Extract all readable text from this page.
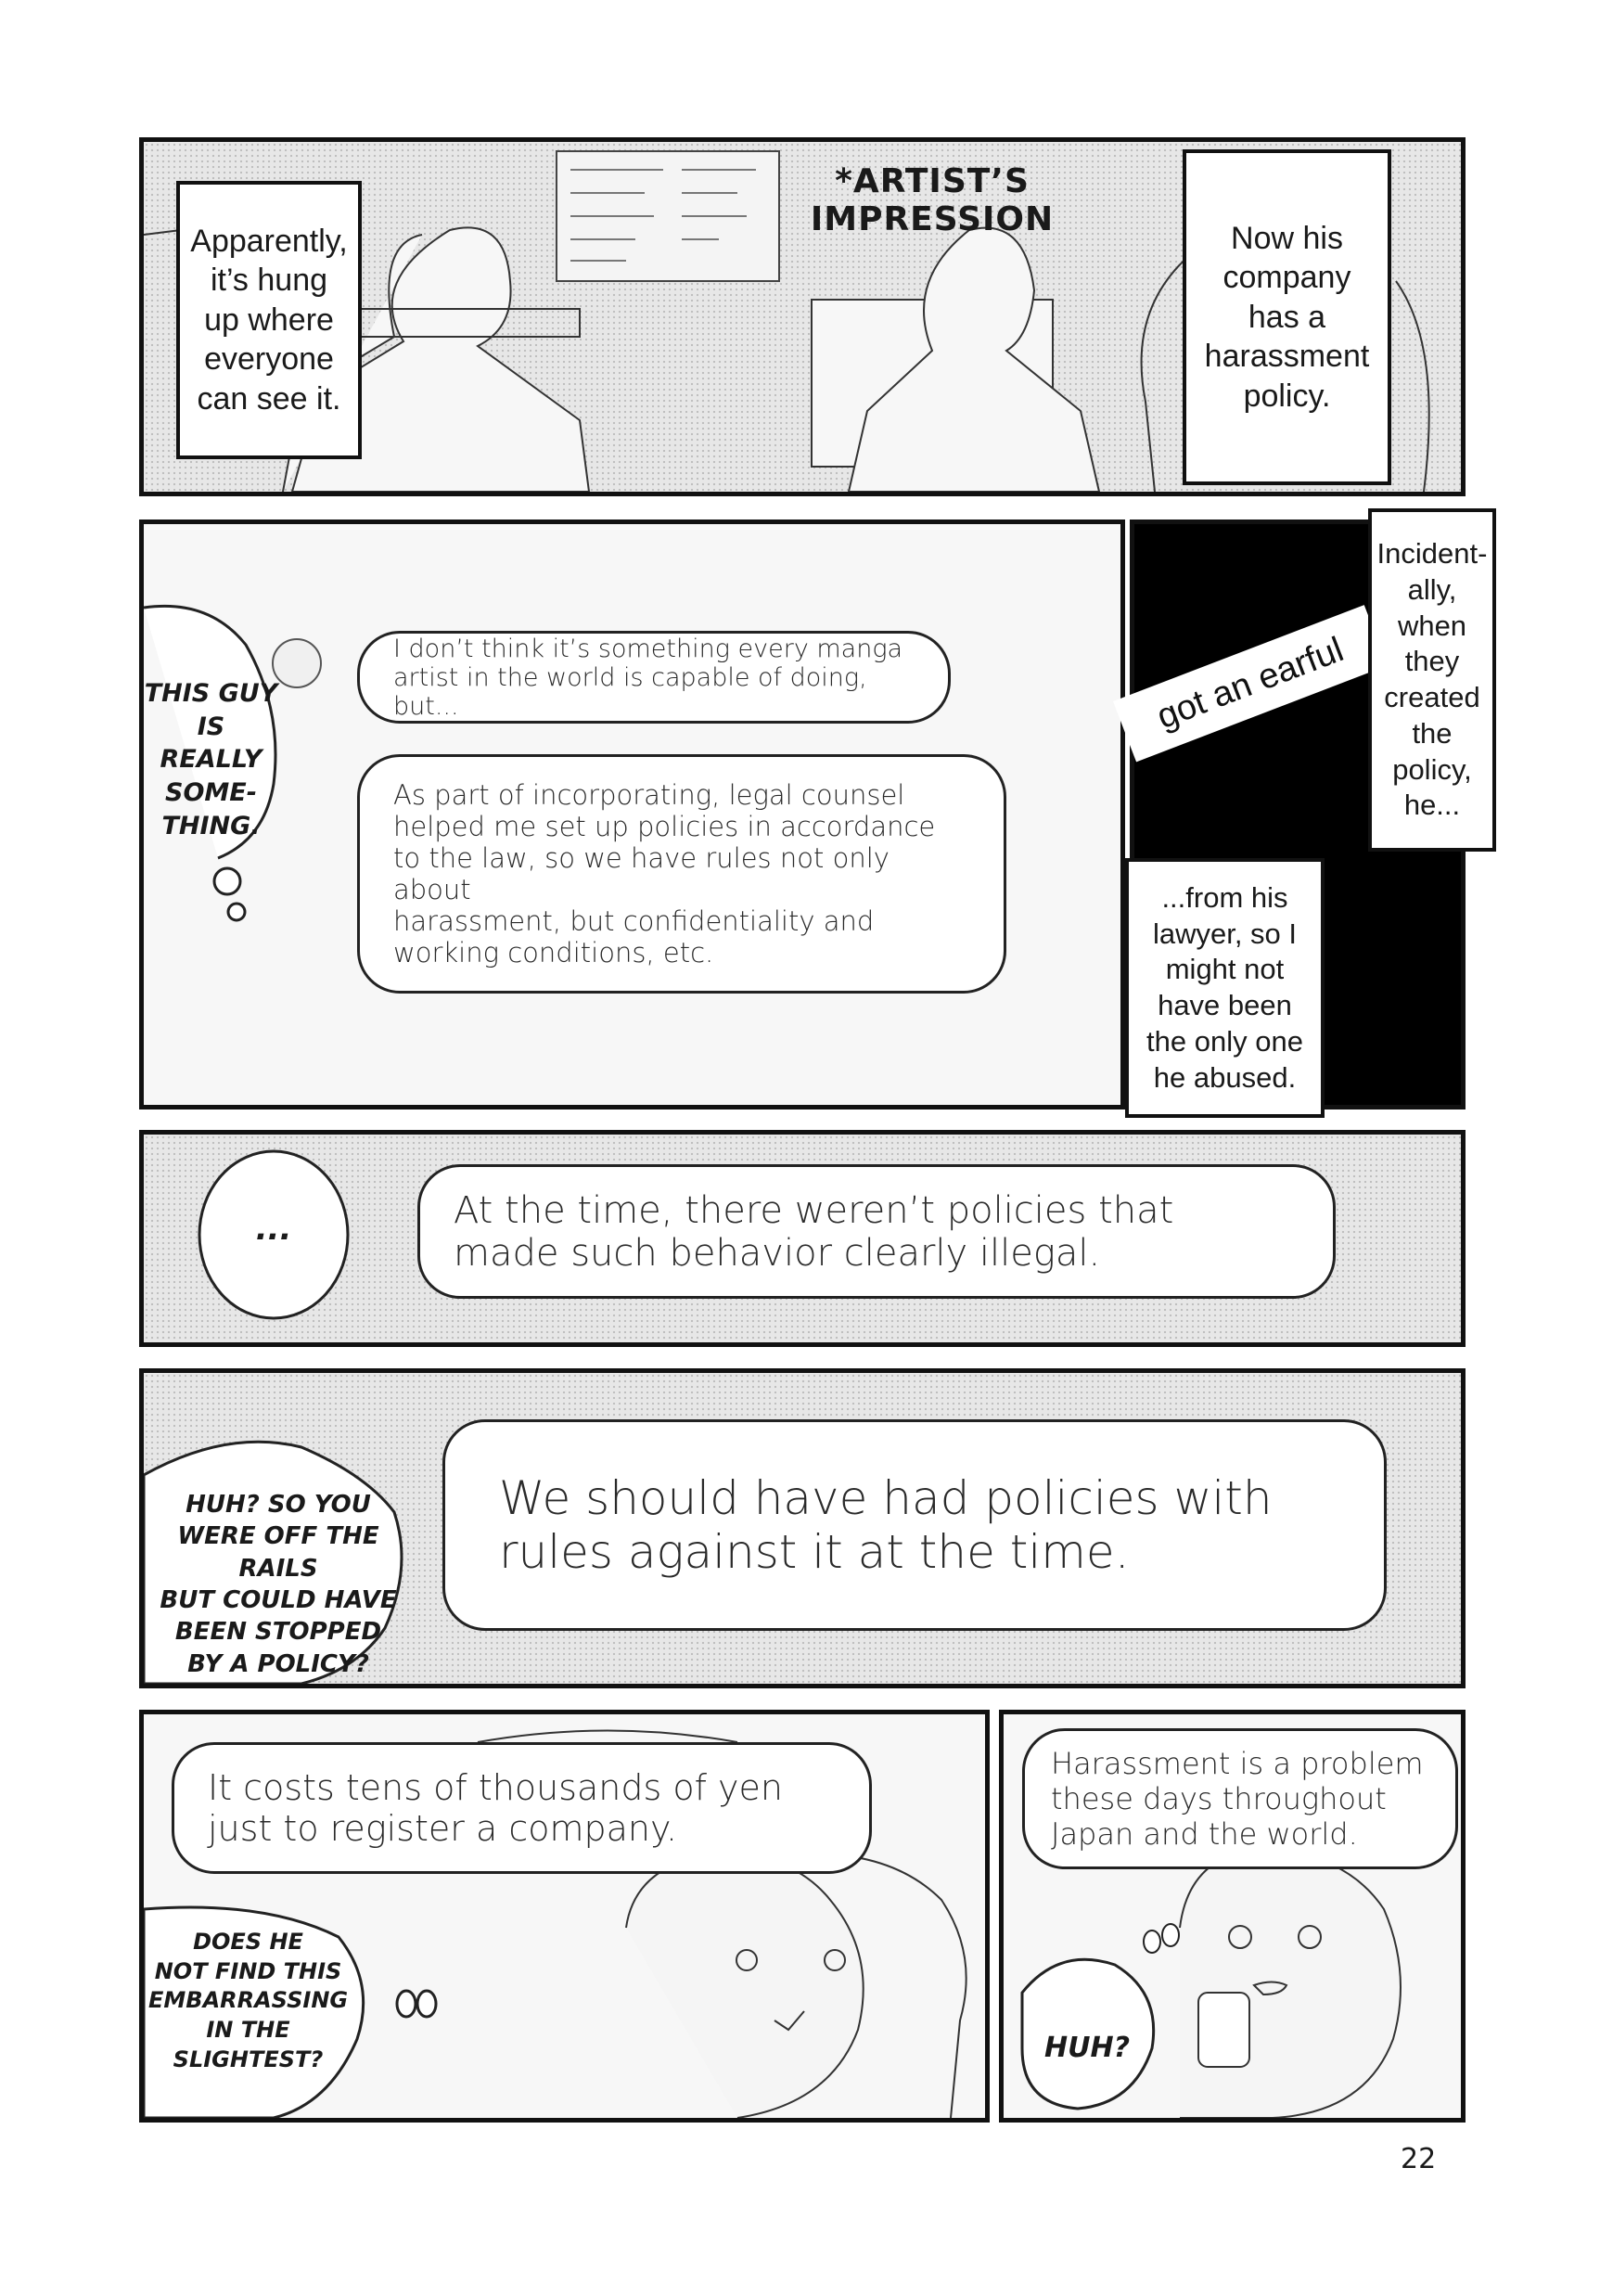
*ARTIST’S
IMPRESSION
Apparently,
it’s hung
up where
everyone
can see it.
Now his
company
has a
harassment
policy.
THIS GUY
IS REALLY
SOME-
THING.
I don’t think it’s something every manga
artist in the world is capable of doing, but...
As part of incorporating, legal counsel
helped me set up policies in accordance
to the law, so we have rules not only about
harassment, but confidentiality and
working conditions, etc.
got an earful
Incident-
ally,
when
they
created
the
policy,
he...
...from his
lawyer, so I
might not
have been
the only one
he abused.
...	At the time, there weren’t policies that
made such behavior clearly illegal.
HUH? SO YOU
WERE OFF THE RAILS
BUT COULD HAVE
BEEN STOPPED
BY A POLICY?
We should have had policies with
rules against it at the time.
It costs tens of thousands of yen
just to register a company.
DOES HE
NOT FIND THIS
EMBARRASSING
IN THE
SLIGHTEST?
Harassment is a problem
these days throughout
Japan and the world.
HUH?
22
